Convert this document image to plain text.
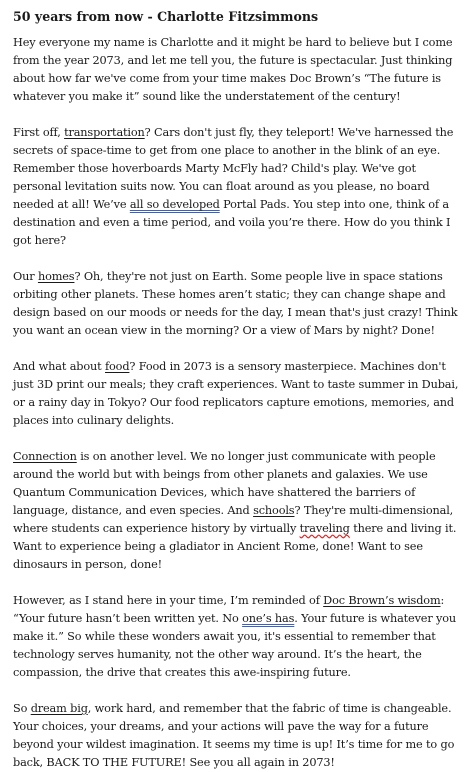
50 years from now - Charlotte Fitzsimmons

Hey everyone my name is Charlotte and it might be hard to believe but I come from the year 2073, and let me tell you, the future is spectacular. Just thinking about how far we've come from your time makes Doc Brown’s “The future is whatever you make it” sound like the understatement of the century!

First off, transportation? Cars don't just fly, they teleport! We've harnessed the secrets of space-time to get from one place to another in the blink of an eye. Remember those hoverboards Marty McFly had? Child's play. We've got personal levitation suits now. You can float around as you please, no board needed at all! We’ve all so developed Portal Pads. You step into one, think of a destination and even a time period, and voila you’re there. How do you think I got here?

Our homes? Oh, they're not just on Earth. Some people live in space stations orbiting other planets. These homes aren’t static; they can change shape and design based on our moods or needs for the day, I mean that's just crazy! Think you want an ocean view in the morning? Or a view of Mars by night? Done!

And what about food? Food in 2073 is a sensory masterpiece. Machines don't just 3D print our meals; they craft experiences. Want to taste summer in Dubai, or a rainy day in Tokyo? Our food replicators capture emotions, memories, and places into culinary delights.

Connection is on another level. We no longer just communicate with people around the world but with beings from other planets and galaxies. We use Quantum Communication Devices, which have shattered the barriers of language, distance, and even species. And schools? They're multi-dimensional, where students can experience history by virtually traveling there and living it. Want to experience being a gladiator in Ancient Rome, done! Want to see dinosaurs in person, done!

However, as I stand here in your time, I’m reminded of Doc Brown’s wisdom: “Your future hasn’t been written yet. No one’s has. Your future is whatever you make it.” So while these wonders await you, it's essential to remember that technology serves humanity, not the other way around. It’s the heart, the compassion, the drive that creates this awe-inspiring future.

So dream big, work hard, and remember that the fabric of time is changeable. Your choices, your dreams, and your actions will pave the way for a future beyond your wildest imagination. It seems my time is up! It’s time for me to go back, BACK TO THE FUTURE! See you all again in 2073!
